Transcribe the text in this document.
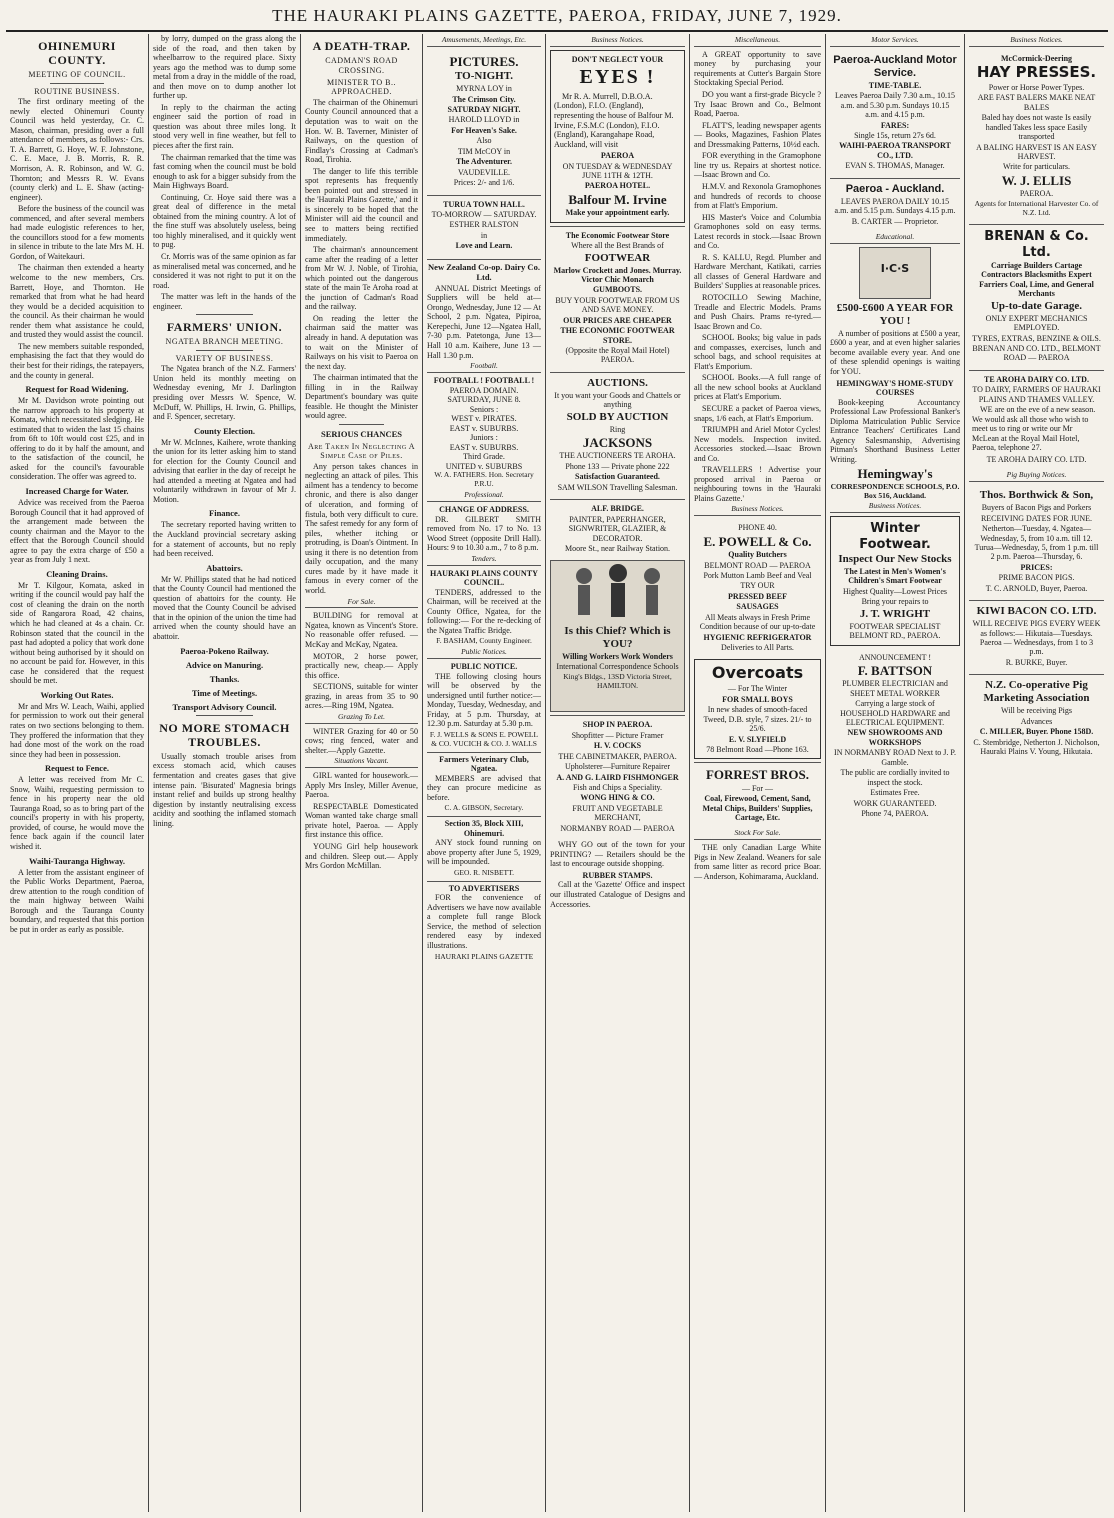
THE HAURAKI PLAINS GAZETTE, PAEROA, FRIDAY, JUNE 7, 1929.
OHINEMURI COUNTY.
MEETING OF COUNCIL.
ROUTINE BUSINESS.

The first ordinary meeting of the newly elected Ohinemuri County Council was held yesterday, Cr. C. Mason, chairman, presiding over a full attendance of members, as follows:- Crs. T. A. Barrett, G. Hoye, W. F. Johnstone, C. E. Mace, J. B. Morris, R. R. Morrison, A. R. Robinson, and W. G. Thornton; and Messrs R. W. Evans (county clerk) and L. E. Shaw (acting-engineer).

Before the business of the council was commenced, and after several members had made eulogistic references to her, the councillors stood for a few moments in silence in tribute to the late Mrs M. H. Gordon, of Waitekauri.

The chairman then extended a hearty welcome to the new members, Crs. Barrett, Hoye, and Thornton. He remarked that from what he had heard they would be a decided acquisition to the council. As their chairman he would render them what assistance he could, and trusted they would assist the council.

The new members suitable responded, emphasising the fact that they would do their best for their ridings, the ratepayers, and the county in general.

Request for Road Widening.

Mr M. Davidson wrote pointing out the narrow approach to his property at Komata, which necessitated sledging. He estimated that to widen the last 15 chains from 6ft to 10ft would cost £25, and in offering to do it by half the amount, and to the satisfaction of the council, he asked for the council's favourable consideration. The offer was agreed to.

Increased Charge for Water.

Advice was received from the Paeroa Borough Council that it had approved of the arrangement made between the county chairman and the Mayor to the effect that the Borough Council should agree to pay the extra charge of £50 a year as from July 1 next.

Cleaning Drains.

Mr T. Kilgour, Komata, asked in writing if the council would pay half the cost of cleaning the drain on the north side of Rangarora Road, 42 chains, which he had cleaned at 4s a chain. Cr. Robinson stated that the council in the past had adopted a policy that work done without being authorised by it should on no account be paid for. However, in this case he considered that the request should be met.

Working Out Rates.

Mr and Mrs W. Leach, Waihi, applied for permission to work out their general rates on two sections belonging to them. They proffered the information that they had done most of the work on the road since they had been in possession.

Request to Fence.

A letter was received from Mr C. Snow, Waihi, requesting permission to fence in his property near the old Tauranga Road, so as to bring part of the council's property in with his property, provided, of course, he would move the fence back again if the council later wished it.

Waihi-Tauranga Highway.

A letter from the assistant engineer of the Public Works Department, Paeroa, drew attention to the rough condition of the main highway between Waihi Borough and the Tauranga County boundary, and requested that this portion be put in order as early as possible.

by lorry, dumped on the grass along the side of the road, and then taken by wheelbarrow to the required place. Sixty years ago the method was to dump some metal from a dray in the middle of the road, and then move on to dump another lot further up.

In reply to the chairman the acting engineer said the portion of road in question was about three miles long. It stood very well in fine weather, but fell to pieces after the first rain.

The chairman remarked that the time was fast coming when the council must be bold enough to ask for a bigger subsidy from the Main Highways Board.

Continuing, Cr. Hoye said there was a great deal of difference in the metal obtained from the mining country. A lot of the fine stuff was absolutely useless, being too highly mineralised, and it quickly went to pug.

Cr. Morris was of the same opinion as far as mineralised metal was concerned, and he considered it was not right to put it on the road.

The matter was left in the hands of the engineer.

FARMERS' UNION.
NGATEA BRANCH MEETING.
VARIETY OF BUSINESS.

The Ngatea branch of the N.Z. Farmers' Union held its monthly meeting on Wednesday evening, Mr J. Darlington presiding over Messrs W. Spence, W. McDuff, W. Phillips, H. Irwin, G. Phillips, and F. Spencer, secretary.

County Election.

Mr W. McInnes, Kaihere, wrote thanking the union for its letter asking him to stand for election for the County Council and advising that earlier in the day of receipt he had attended a meeting at Ngatea and had voluntarily withdrawn in favour of Mr J. Motion.

Finance.

The secretary reported having written to the Auckland provincial secretary asking for a statement of accounts, but no reply had been received.

Abattoirs.

Mr W. Phillips stated that he had noticed that the County Council had mentioned the question of abattoirs for the county. He moved that the County Council be advised that in the opinion of the union the time had arrived when the county should have an abattoir.

Paeroa-Pokeno Railway.
Advice on Manuring.
Thanks.
Time of Meetings.
Transport Advisory Council.
NO MORE STOMACH TROUBLES.

Usually stomach trouble arises from excess stomach acid, which causes fermentation and creates gases that give intense pain. 'Bisurated' Magnesia brings instant relief and builds up strong healthy digestion by instantly neutralising excess acidity and soothing the inflamed stomach lining.

A DEATH-TRAP.
CADMAN'S ROAD CROSSING.
MINISTER TO B.. APPROACHED.

The chairman of the Ohinemuri County Council announced that a deputation was to wait on the Hon. W. B. Taverner, Minister of Railways, on the question of Findlay's Crossing at Cadman's Road, Tirohia.

The danger to life this terrible spot represents has frequently been pointed out and stressed in the 'Hauraki Plains Gazette,' and it is sincerely to be hoped that the Minister will aid the council and see to matters being rectified immediately.

The chairman's announcement came after the reading of a letter from Mr W. J. Noble, of Tirohia, which pointed out the dangerous state of the main Te Aroha road at the junction of Cadman's Road and the railway.

On reading the letter the chairman said the matter was already in hand. A deputation was to wait on the Minister of Railways on his visit to Paeroa on the next day.

The chairman intimated that the filling in in the Railway Department's boundary was quite feasible. He thought the Minister would agree.

SERIOUS CHANCES
Are Taken In Neglecting A Simple Case of Piles.

Any person takes chances in neglecting an attack of piles. This ailment has a tendency to become chronic, and there is also danger of ulceration, and forming of fistula, both very difficult to cure. The safest remedy for any form of piles, whether itching or protruding, is Doan's Ointment. In using it there is no detention from daily occupation, and the many cures made by it have made it famous in every corner of the world.

For Sale.

BUILDING for removal at Ngatea, known as Vincent's Store. No reasonable offer refused. —McKay and McKay, Ngatea.

MOTOR, 2 horse power, practically new, cheap.— Apply this office.

SECTIONS, suitable for winter grazing, in areas from 35 to 90 acres.—Ring 19M, Ngatea.

Grazing To Let.

WINTER Grazing for 40 or 50 cows; ring fenced, water and shelter.—Apply Gazette.

Situations Vacant.

GIRL wanted for housework.— Apply Mrs Insley, Miller Avenue, Paeroa.

RESPECTABLE Domesticated Woman wanted take charge small private hotel, Paeroa. — Apply first instance this office.

YOUNG Girl help housework and children. Sleep out.— Apply Mrs Gordon McMillan.

Amusements, Meetings, Etc.
PICTURES.
TO-NIGHT.
MYRNA LOY in
The Crimson City.
SATURDAY NIGHT.
HAROLD LLOYD in
For Heaven's Sake.
Also
TIM McCOY in
The Adventurer.
VAUDEVILLE.
Prices: 2/- and 1/6.
TURUA TOWN HALL.
TO-MORROW — SATURDAY.
ESTHER RALSTON
in
Love and Learn.
New Zealand Co-op. Dairy Co. Ltd.

ANNUAL District Meetings of Suppliers will be held at— Orongo, Wednesday, June 12 — At School, 2 p.m. Ngatea, Pipiroa, Kerepechi, June 12—Ngatea Hall, 7-30 p.m. Patetonga, June 13—Hall 10 a.m. Kaihere, June 13 — Hall 1.30 p.m.

Football.
FOOTBALL ! FOOTBALL !
PAEROA DOMAIN.
SATURDAY, JUNE 8.
Seniors :
WEST v. PIRATES.
EAST v. SUBURBS.
Juniors :
EAST v. SUBURBS.
Third Grade.
UNITED v. SUBURBS
W. A. FATHERS. Hon. Secretary P.R.U.
Professional.
CHANGE OF ADDRESS.

DR. GILBERT SMITH removed from No. 17 to No. 13 Wood Street (opposite Drill Hall). Hours: 9 to 10.30 a.m., 7 to 8 p.m.

Tenders.
HAURAKI PLAINS COUNTY COUNCIL.

TENDERS, addressed to the Chairman, will be received at the County Office, Ngatea, for the following:— For the re-decking of the Ngatea Traffic Bridge.

F. BASHAM, County Engineer.
Public Notices.
PUBLIC NOTICE.

THE following closing hours will be observed by the undersigned until further notice:— Monday, Tuesday, Wednesday, and Friday, at 5 p.m. Thursday, at 12.30 p.m. Saturday at 5.30 p.m.

F. J. WELLS & SONS E. POWELL & CO. VUCICH & CO. J. WALLS
Farmers Veterinary Club, Ngatea.

MEMBERS are advised that they can procure medicine as before.

C. A. GIBSON, Secretary.
Section 35, Block XIII, Ohinemuri.

ANY stock found running on above property after June 5, 1929, will be impounded.

GEO. R. NISBETT.
TO ADVERTISERS

FOR the convenience of Advertisers we have now available a complete full range Block Service, the method of selection rendered easy by indexed illustrations.

HAURAKI PLAINS GAZETTE
Business Notices.
DON'T NEGLECT YOUR
EYES !

Mr R. A. Murrell, D.B.O.A. (London), F.I.O. (England), representing the house of Balfour M. Irvine, F.S.M.C (London), F.I.O. (England), Karangahape Road, Auckland, will visit

PAEROA
ON TUESDAY & WEDNESDAY JUNE 11TH & 12TH.
PAEROA HOTEL.
Balfour M. Irvine
Make your appointment early.
The Economic Footwear Store
Where all the Best Brands of
FOOTWEAR
Marlow Crockett and Jones. Murray. Victor Chic Monarch
GUMBOOTS.
BUY YOUR FOOTWEAR FROM US AND SAVE MONEY.
OUR PRICES ARE CHEAPER
THE ECONOMIC FOOTWEAR STORE.
(Opposite the Royal Mail Hotel) PAEROA.
AUCTIONS.
It you want your Goods and Chattels or anything
SOLD BY AUCTION
Ring
JACKSONS
THE AUCTIONEERS TE AROHA.
Phone 133 — Private phone 222
Satisfaction Guaranteed.
SAM WILSON Travelling Salesman.
ALF. BRIDGE.
PAINTER, PAPERHANGER, SIGNWRITER, GLAZIER, & DECORATOR.
Moore St., near Railway Station.
Is this Chief? Which is YOU?
Willing Workers Work Wonders
International Correspondence Schools
King's Bldgs., 13SD Victoria Street, HAMILTON.
SHOP IN PAEROA.
Shopfitter — Picture Framer
H. V. COCKS
THE CABINETMAKER, PAEROA.
Upholsterer—Furniture Repairer
A. AND G. LAIRD FISHMONGER
Fish and Chips a Speciality.
WONG HING & CO.
FRUIT AND VEGETABLE MERCHANT,
NORMANBY ROAD — PAEROA

WHY GO out of the town for your PRINTING? — Retailers should be the last to encourage outside shopping.

RUBBER STAMPS.

Call at the 'Gazette' Office and inspect our illustrated Catalogue of Designs and Accessories.

Miscellaneous.

A GREAT opportunity to save money by purchasing your requirements at Cutter's Bargain Store Stocktaking Special Period.

DO you want a first-grade Bicycle ? Try Isaac Brown and Co., Belmont Road, Paeroa.

FLATT'S, leading newspaper agents — Books, Magazines, Fashion Plates and Dressmaking Patterns, 10½d each.

FOR everything in the Gramophone line try us. Repairs at shortest notice.—Isaac Brown and Co.

H.M.V. and Rexonola Gramophones and hundreds of records to choose from at Flatt's Emporium.

HIS Master's Voice and Columbia Gramophones sold on easy terms. Latest records in stock.—Isaac Brown and Co.

R. S. KALLU, Regd. Plumber and Hardware Merchant, Katikati, carries all classes of General Hardware and Builders' Supplies at reasonable prices.

ROTOCILLO Sewing Machine, Treadle and Electric Models. Prams and Push Chairs. Prams re-tyred.—Isaac Brown and Co.

SCHOOL Books; big value in pads and compasses, exercises, lunch and school bags, and school requisites at Flatt's Emporium.

SCHOOL Books.—A full range of all the new school books at Auckland prices at Flatt's Emporium.

SECURE a packet of Paeroa views, snaps, 1/6 each, at Flatt's Emporium.

TRIUMPH and Ariel Motor Cycles! New models. Inspection invited. Accessories stocked.—Isaac Brown and Co.

TRAVELLERS ! Advertise your proposed arrival in Paeroa or neighbouring towns in the 'Hauraki Plains Gazette.'

Business Notices.
PHONE 40.
E. POWELL & Co.
Quality Butchers
BELMONT ROAD — PAEROA
Pork Mutton Lamb Beef and Veal
TRY OUR
PRESSED BEEF
SAUSAGES
All Meats always in Fresh Prime Condition because of our up-to-date
HYGIENIC REFRIGERATOR
Deliveries to All Parts.
Overcoats
— For The Winter
FOR SMALL BOYS
In new shades of smooth-faced Tweed, D.B. style, 7 sizes. 21/- to 25/6.
E. V. SLYFIELD
78 Belmont Road —Phone 163.
FORREST BROS.
— For —
Coal, Firewood, Cement, Sand, Metal Chips, Builders' Supplies, Cartage, Etc.
Stock For Sale.

THE only Canadian Large White Pigs in New Zealand. Weaners for sale from same litter as record price Boar. — Anderson, Kohimarama, Auckland.

Motor Services.
Paeroa-Auckland Motor Service.
TIME-TABLE.
Leaves Paeroa Daily 7.30 a.m., 10.15 a.m. and 5.30 p.m. Sundays 10.15 a.m. and 4.15 p.m.
FARES:
Single 15s, return 27s 6d.
WAIHI-PAEROA TRANSPORT CO., LTD.
EVAN S. THOMAS, Manager.
Paeroa - Auckland.
LEAVES PAEROA DAILY 10.15 a.m. and 5.15 p.m. Sundays 4.15 p.m.
B. CARTER — Proprietor.
Educational.
I·C·S
£500-£600 A YEAR FOR YOU !

A number of positions at £500 a year, £600 a year, and at even higher salaries become available every year. And one of these splendid openings is waiting for YOU.

HEMINGWAY'S HOME-STUDY COURSES

Book-keeping Accountancy Professional Law Professional Banker's Diploma Matriculation Public Service Entrance Teachers' Certificates Land Agency Salesmanship, Advertising Pitman's Shorthand Business Letter Writing.

Hemingway's
CORRESPONDENCE SCHOOLS, P.O. Box 516, Auckland.
Business Notices.
Winter Footwear.
Inspect Our New Stocks
The Latest in Men's Women's Children's Smart Footwear
Highest Quality—Lowest Prices
Bring your repairs to
J. T. WRIGHT
FOOTWEAR SPECIALIST BELMONT RD., PAEROA.
ANNOUNCEMENT !
F. BATTSON
PLUMBER ELECTRICIAN and SHEET METAL WORKER
Carrying a large stock of HOUSEHOLD HARDWARE and ELECTRICAL EQUIPMENT.
NEW SHOWROOMS AND WORKSHOPS
IN NORMANBY ROAD Next to J. P. Gamble.
The public are cordially invited to inspect the stock.
Estimates Free.
WORK GUARANTEED.
Phone 74, PAEROA.
Business Notices.
McCormick-Deering
HAY PRESSES.
Power or Horse Power Types.
ARE FAST BALERS MAKE NEAT BALES
Baled hay does not waste Is easily handled Takes less space Easily transported
A BALING HARVEST IS AN EASY HARVEST.
Write for particulars.
W. J. ELLIS
PAEROA.
Agents for International Harvester Co. of N.Z. Ltd.
BRENAN & Co. Ltd.
Carriage Builders Cartage Contractors Blacksmiths Expert Farriers Coal, Lime, and General Merchants
Up-to-date Garage.
ONLY EXPERT MECHANICS EMPLOYED.
TYRES, EXTRAS, BENZINE & OILS.
BRENAN AND CO. LTD., BELMONT ROAD — PAEROA
TE AROHA DAIRY CO. LTD.
TO DAIRY, FARMERS OF HAURAKI PLAINS AND THAMES VALLEY.

WE are on the eve of a new season. We would ask all those who wish to meet us to ring or write our Mr McLean at the Royal Mail Hotel, Paeroa, telephone 27.

TE AROHA DAIRY CO. LTD.
Pig Buying Notices.
Thos. Borthwick & Son,
Buyers of Bacon Pigs and Porkers
RECEIVING DATES FOR JUNE.
Netherton—Tuesday, 4. Ngatea—Wednesday, 5, from 10 a.m. till 12. Turua—Wednesday, 5, from 1 p.m. till 2 p.m. Paeroa—Thursday, 6.
PRICES:
PRIME BACON PIGS.
T. C. ARNOLD, Buyer, Paeroa.
KIWI BACON CO. LTD.
WILL RECEIVE PIGS EVERY WEEK as follows:— Hikutaia—Tuesdays. Paeroa — Wednesdays, from 1 to 3 p.m.
R. BURKE, Buyer.
N.Z. Co-operative Pig Marketing Association
Will be receiving Pigs
Advances
C. MILLER, Buyer. Phone 158D.
C. Stembridge, Netherton J. Nicholson, Hauraki Plains V. Young, Hikutaia.
